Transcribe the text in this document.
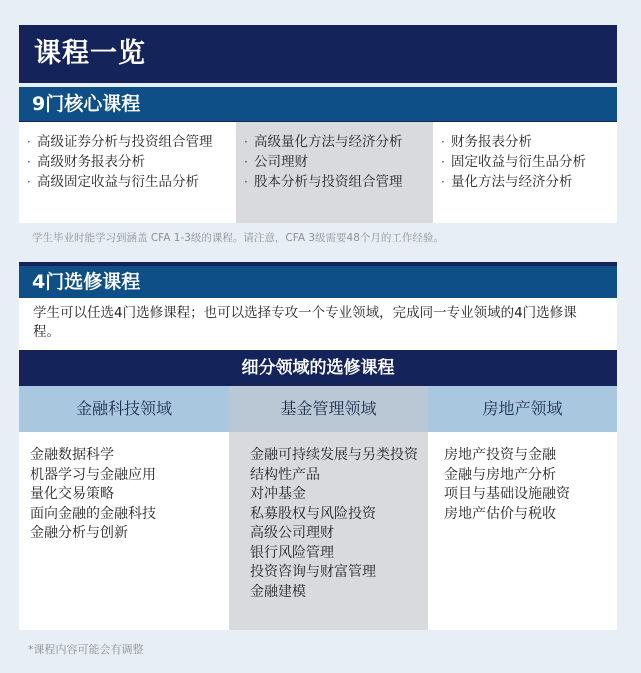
课程一览
9门核心课程
· 高级证券分析与投资组合管理
· 高级财务报表分析
· 高级固定收益与衍生品分析
· 高级量化方法与经济分析
· 公司理财
· 股本分析与投资组合管理
· 财务报表分析
· 固定收益与衍生品分析
· 量化方法与经济分析
学生毕业时能学习到涵盖 CFA 1-3级的课程。请注意，CFA 3级需要48个月的工作经验。
4门选修课程
学生可以任选4门选修课程；也可以选择专攻一个专业领域，完成同一专业领域的4门选修课程。
细分领域的选修课程
金融科技领域	基金管理领域	房地产领域
金融数据科学
机器学习与金融应用
量化交易策略
面向金融的金融科技
金融分析与创新
金融可持续发展与另类投资
结构性产品
对冲基金
私募股权与风险投资
高级公司理财
银行风险管理
投资咨询与财富管理
金融建模
房地产投资与金融
金融与房地产分析
项目与基础设施融资
房地产估价与税收
*课程内容可能会有调整
